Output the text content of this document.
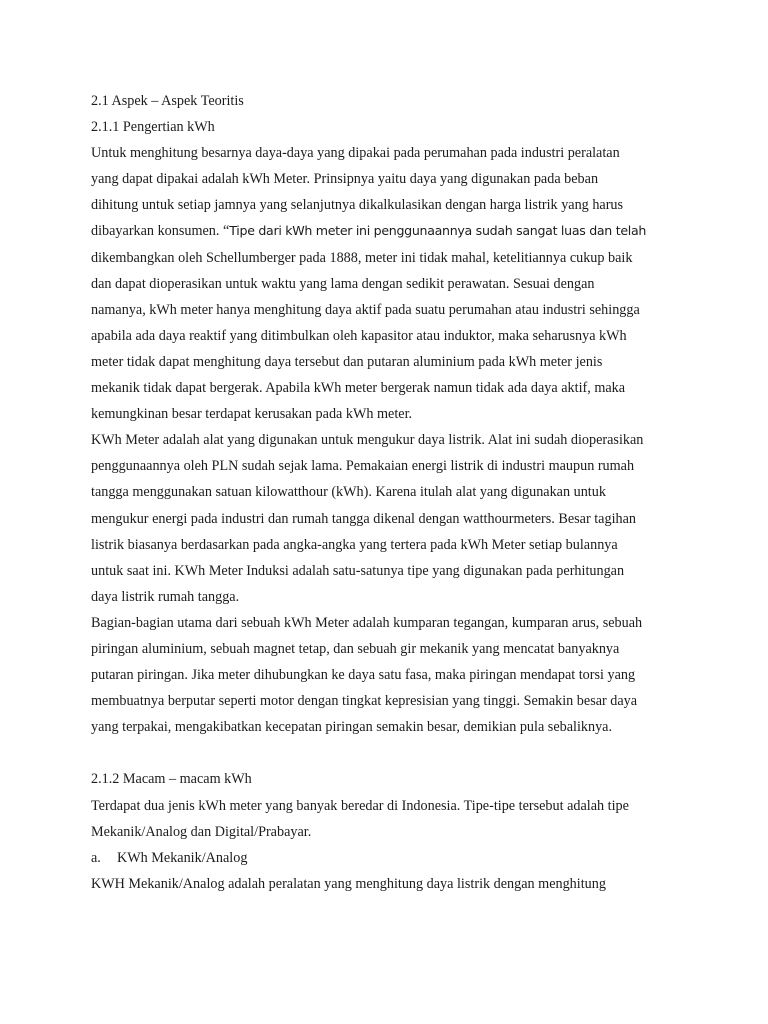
2.1 Aspek – Aspek Teoritis
2.1.1 Pengertian kWh
Untuk menghitung besarnya daya-daya yang dipakai pada perumahan pada industri peralatan
yang dapat dipakai adalah kWh Meter. Prinsipnya yaitu daya yang digunakan pada beban
dihitung untuk setiap jamnya yang selanjutnya dikalkulasikan dengan harga listrik yang harus
dibayarkan konsumen. “Tipe dari kWh meter ini penggunaannya sudah sangat luas dan telah
dikembangkan oleh Schellumberger pada 1888, meter ini tidak mahal, ketelitiannya cukup baik
dan dapat dioperasikan untuk waktu yang lama dengan sedikit perawatan. Sesuai dengan
namanya, kWh meter hanya menghitung daya aktif pada suatu perumahan atau industri sehingga
apabila ada daya reaktif yang ditimbulkan oleh kapasitor atau induktor, maka seharusnya kWh
meter tidak dapat menghitung daya tersebut dan putaran aluminium pada kWh meter jenis
mekanik tidak dapat bergerak. Apabila kWh meter bergerak namun tidak ada daya aktif, maka
kemungkinan besar terdapat kerusakan pada kWh meter.
KWh Meter adalah alat yang digunakan untuk mengukur daya listrik. Alat ini sudah dioperasikan
penggunaannya oleh PLN sudah sejak lama. Pemakaian energi listrik di industri maupun rumah
tangga menggunakan satuan kilowatthour (kWh). Karena itulah alat yang digunakan untuk
mengukur energi pada industri dan rumah tangga dikenal dengan watthourmeters. Besar tagihan
listrik biasanya berdasarkan pada angka-angka yang tertera pada kWh Meter setiap bulannya
untuk saat ini. KWh Meter Induksi adalah satu-satunya tipe yang digunakan pada perhitungan
daya listrik rumah tangga.
Bagian-bagian utama dari sebuah kWh Meter adalah kumparan tegangan, kumparan arus, sebuah
piringan aluminium, sebuah magnet tetap, dan sebuah gir mekanik yang mencatat banyaknya
putaran piringan. Jika meter dihubungkan ke daya satu fasa, maka piringan mendapat torsi yang
membuatnya berputar seperti motor dengan tingkat kepresisian yang tinggi. Semakin besar daya
yang terpakai, mengakibatkan kecepatan piringan semakin besar, demikian pula sebaliknya.
2.1.2 Macam – macam kWh
Terdapat dua jenis kWh meter yang banyak beredar di Indonesia. Tipe-tipe tersebut adalah tipe
Mekanik/Analog dan Digital/Prabayar.
a. KWh Mekanik/Analog
KWH Mekanik/Analog adalah peralatan yang menghitung daya listrik dengan menghitung
